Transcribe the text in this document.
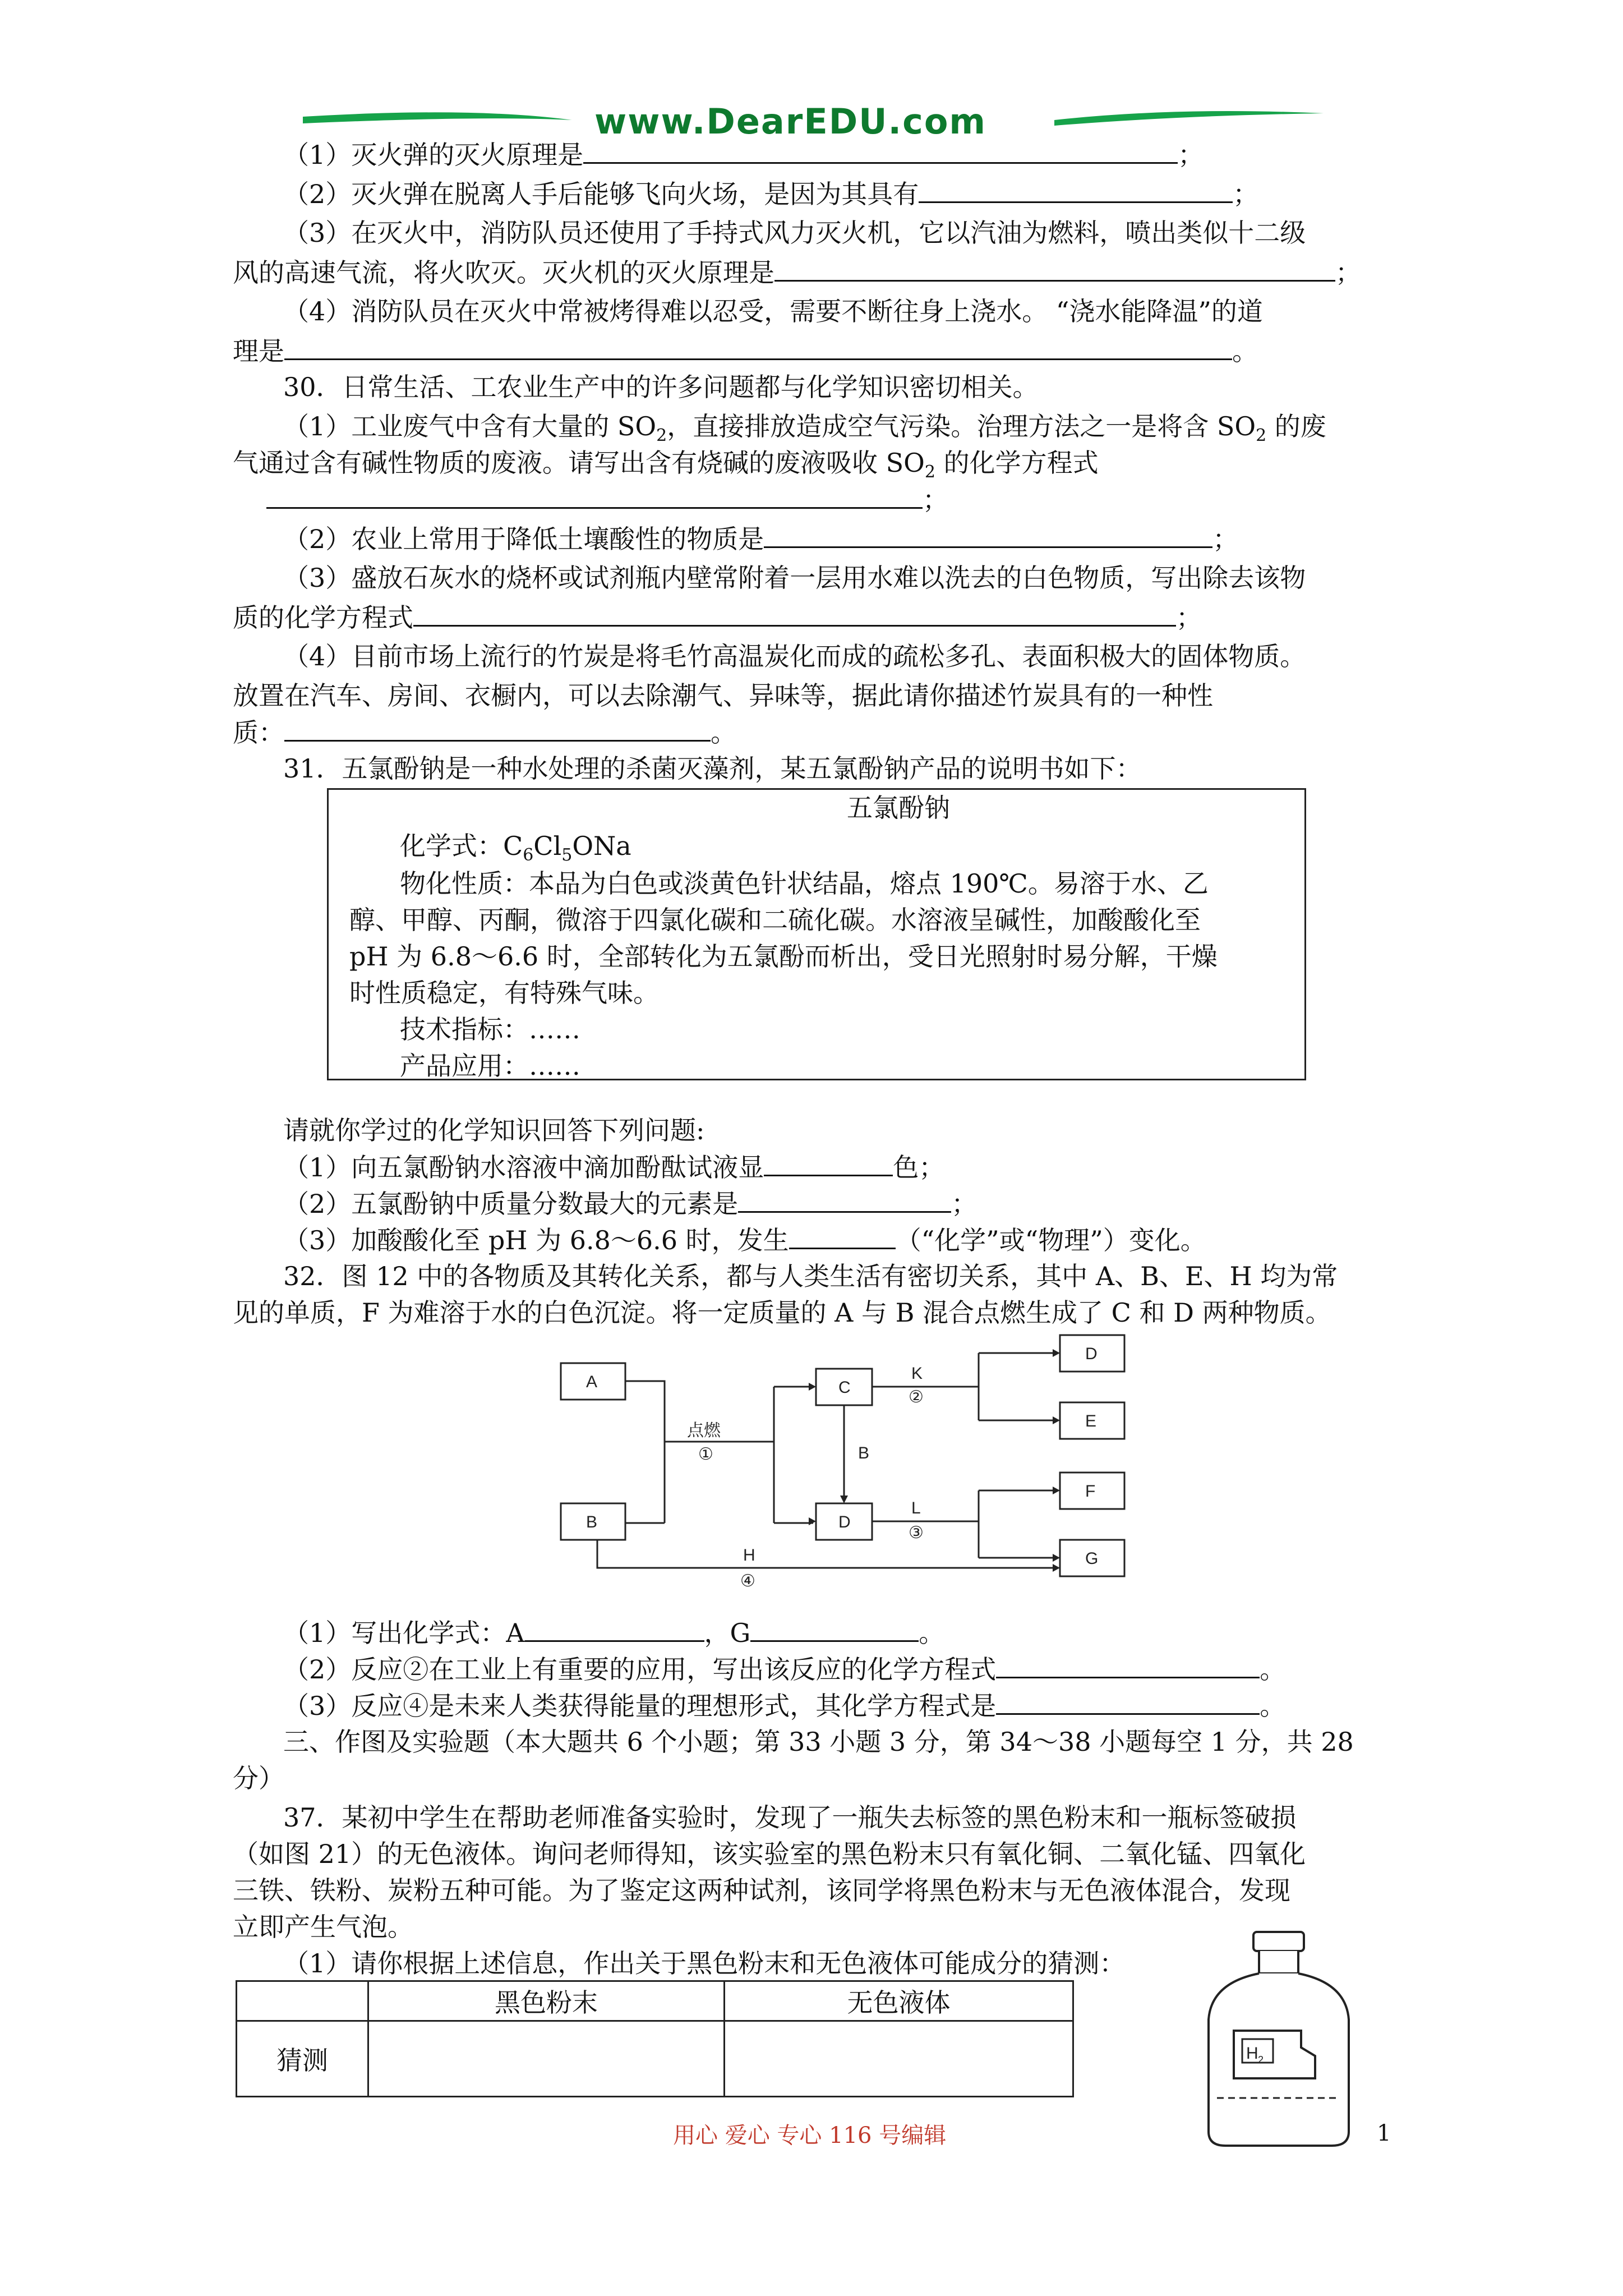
www.DearEDU.com
（1）灭火弹的灭火原理是	；
（2）灭火弹在脱离人手后能够飞向火场，是因为其具有	；
（3）在灭火中，消防队员还使用了手持式风力灭火机，它以汽油为燃料，喷出类似十二级
风的高速气流，将火吹灭。灭火机的灭火原理是	；
（4）消防队员在灭火中常被烤得难以忍受，需要不断往身上浇水。 “浇水能降温”的道
理是	。
30．日常生活、工农业生产中的许多问题都与化学知识密切相关。
（1）工业废气中含有大量的 $SO_2$，直接排放造成空气污染。治理方法之一是将含 $SO_2$ 的废
气通过含有碱性物质的废液。请写出含有烧碱的废液吸收 $SO_2$ 的化学方程式
；
（2）农业上常用于降低土壤酸性的物质是	；
（3）盛放石灰水的烧杯或试剂瓶内壁常附着一层用水难以洗去的白色物质，写出除去该物
质的化学方程式	；
（4）目前市场上流行的竹炭是将毛竹高温炭化而成的疏松多孔、表面积极大的固体物质。
放置在汽车、房间、衣橱内，可以去除潮气、异味等，据此请你描述竹炭具有的一种性
质：	。
31．五氯酚钠是一种水处理的杀菌灭藻剂，某五氯酚钠产品的说明书如下：
五氯酚钠
化学式：$C_6Cl_5ONa$
物化性质：本品为白色或淡黄色针状结晶，熔点 190℃。易溶于水、乙
醇、甲醇、丙酮，微溶于四氯化碳和二硫化碳。水溶液呈碱性，加酸酸化至
pH 为 6.8～6.6 时，全部转化为五氯酚而析出，受日光照射时易分解，干燥
时性质稳定，有特殊气味。
技术指标：……
产品应用：……
请就你学过的化学知识回答下列问题:
（1）向五氯酚钠水溶液中滴加酚酞试液显	色；
（2）五氯酚钠中质量分数最大的元素是	；
（3）加酸酸化至 pH 为 6.8～6.6 时，发生	（“化学”或“物理”）变化。
32．图 12 中的各物质及其转化关系，都与人类生活有密切关系，其中 A、B、E、H 均为常
见的单质，F 为难溶于水的白色沉淀。将一定质量的 A 与 B 混合点燃生成了 C 和 D 两种物质。
A
B
C
D
D
E
F
G
点燃
①
K
②
B
L
③
H
④
（1）写出化学式：A	，G	。
（2）反应②在工业上有重要的应用，写出该反应的化学方程式	。
（3）反应④是未来人类获得能量的理想形式，其化学方程式是	。
三、作图及实验题（本大题共 6 个小题；第 33 小题 3 分，第 34～38 小题每空 1 分，共 28
分）
37．某初中学生在帮助老师准备实验时，发现了一瓶失去标签的黑色粉末和一瓶标签破损
（如图 21）的无色液体。询问老师得知，该实验室的黑色粉末只有氧化铜、二氧化锰、四氧化
三铁、铁粉、炭粉五种可能。为了鉴定这两种试剂，该同学将黑色粉末与无色液体混合，发现
立即产生气泡。
（1）请你根据上述信息，作出关于黑色粉末和无色液体可能成分的猜测：
	黑色粉末	无色液体
猜测			H 2
用心 爱心 专心 116 号编辑	1
